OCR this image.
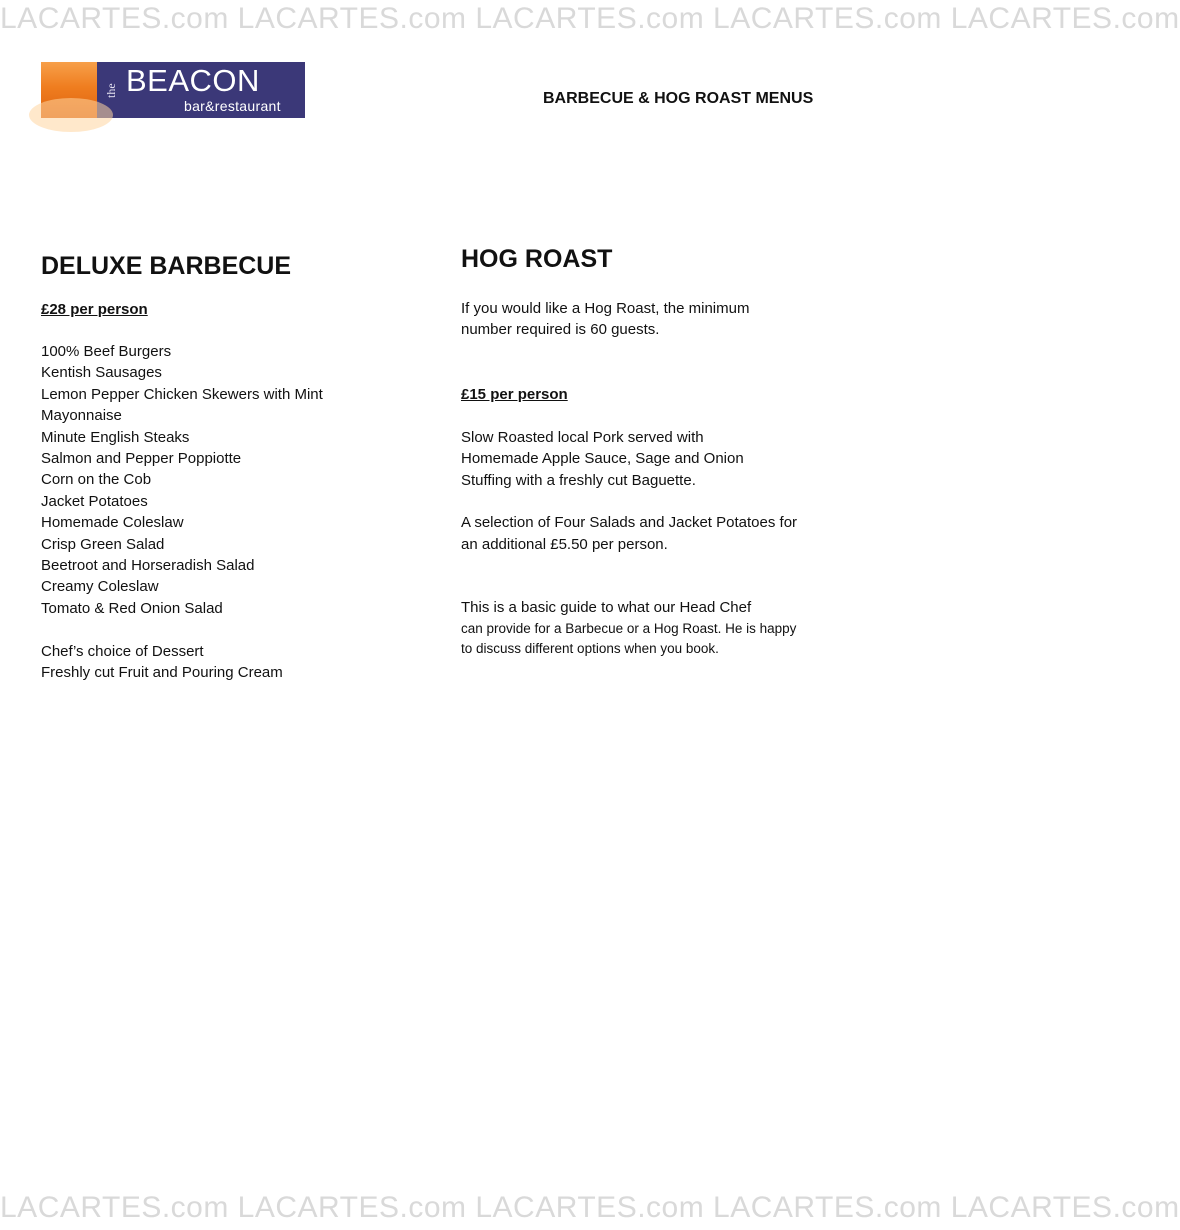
LACARTES.com LACARTES.com LACARTES.com LACARTES.com LACARTES.com
the BEACON
bar&restaurant	BARBECUE & HOG ROAST MENUS
DELUXE BARBECUE

£28 per person

100% Beef Burgers
Kentish Sausages
Lemon Pepper Chicken Skewers with Mint
Mayonnaise
Minute English Steaks
Salmon and Pepper Poppiotte
Corn on the Cob
Jacket Potatoes
Homemade Coleslaw
Crisp Green Salad
Beetroot and Horseradish Salad
Creamy Coleslaw
Tomato & Red Onion Salad
Chef’s choice of Dessert
Freshly cut Fruit and Pouring Cream
HOG ROAST
If you would like a Hog Roast, the minimum
number required is 60 guests.

£15 per person

Slow Roasted local Pork served with
Homemade Apple Sauce, Sage and Onion
Stuffing with a freshly cut Baguette.
A selection of Four Salads and Jacket Potatoes for
an additional £5.50 per person.
This is a basic guide to what our Head Chef
can provide for a Barbecue or a Hog Roast. He is happy
to discuss different options when you book.
LACARTES.com LACARTES.com LACARTES.com LACARTES.com LACARTES.com
